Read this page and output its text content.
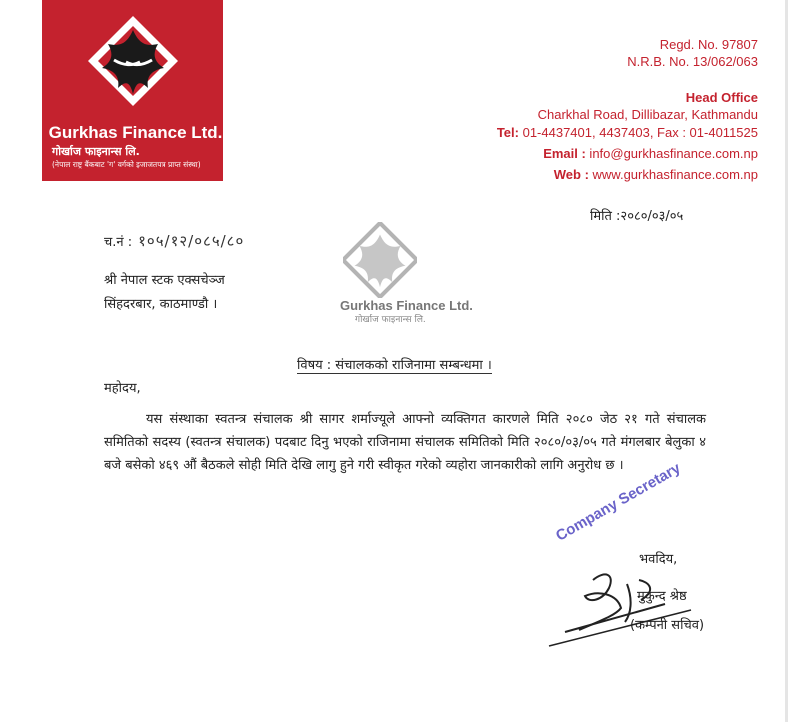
Gurkhas Finance Ltd.
गोर्खाज फाइनान्स लि.
(नेपाल राष्ट्र बैंकबाट 'ग' वर्गको इजाजतपत्र प्राप्त संस्था)
Regd. No. 97807
N.R.B. No. 13/062/063
Head Office
Charkhal Road, Dillibazar, Kathmandu
Tel: 01-4437401, 4437403, Fax : 01-4011525
Email : info@gurkhasfinance.com.np
Web : www.gurkhasfinance.com.np
मिति :२०८०/०३/०५
च.नं : १०५/१२/०८५/८०
श्री नेपाल स्टक एक्सचेञ्ज
सिंहदरबार, काठमाण्डौ ।	Gurkhas Finance Ltd.
गोर्खाज फाइनान्स लि.
विषय : संचालकको राजिनामा सम्बन्धमा ।
महोदय,
यस संस्थाका स्वतन्त्र संचालक श्री सागर शर्माज्यूले आफ्नो व्यक्तिगत कारणले मिति २०८० जेठ २१ गते संचालक समितिको सदस्य (स्वतन्त्र संचालक) पदबाट दिनु भएको राजिनामा संचालक समितिको मिति २०८०/०३/०५ गते मंगलबार बेलुका ४ बजे बसेको ४६९ औं बैठकले सोही मिति देखि लागु हुने गरी स्वीकृत गरेको व्यहोरा जानकारीको लागि अनुरोध छ ।
Company Secretary
भवदिय,
मुकुन्द श्रेष्ठ
(कम्पनी सचिव)
